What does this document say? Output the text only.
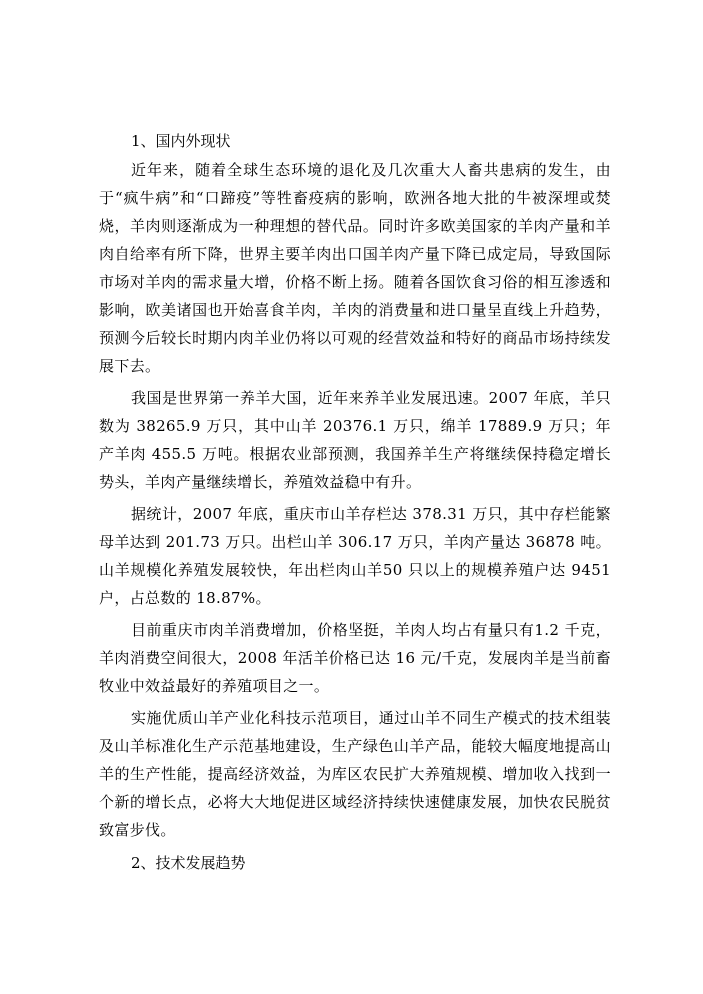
1、国内外现状

近年来，随着全球生态环境的退化及几次重大人畜共患病的发生，由于“疯牛病”和“口蹄疫”等牲畜疫病的影响，欧洲各地大批的牛被深埋或焚烧，羊肉则逐渐成为一种理想的替代品。同时许多欧美国家的羊肉产量和羊肉自给率有所下降，世界主要羊肉出口国羊肉产量下降已成定局，导致国际市场对羊肉的需求量大增，价格不断上扬。随着各国饮食习俗的相互渗透和影响，欧美诸国也开始喜食羊肉，羊肉的消费量和进口量呈直线上升趋势，预测今后较长时期内肉羊业仍将以可观的经营效益和特好的商品市场持续发展下去。

我国是世界第一养羊大国，近年来养羊业发展迅速。2007 年底，羊只数为 38265.9 万只，其中山羊 20376.1 万只，绵羊 17889.9 万只；年产羊肉 455.5 万吨。根据农业部预测，我国养羊生产将继续保持稳定增长势头，羊肉产量继续增长，养殖效益稳中有升。

据统计，2007 年底，重庆市山羊存栏达 378.31 万只，其中存栏能繁母羊达到 201.73 万只。出栏山羊 306.17 万只，羊肉产量达 36878 吨。山羊规模化养殖发展较快，年出栏肉山羊50 只以上的规模养殖户达 9451户，占总数的 18.87%。

目前重庆市肉羊消费增加，价格坚挺，羊肉人均占有量只有1.2 千克，羊肉消费空间很大，2008 年活羊价格已达 16 元/千克，发展肉羊是当前畜牧业中效益最好的养殖项目之一。

实施优质山羊产业化科技示范项目，通过山羊不同生产模式的技术组装及山羊标准化生产示范基地建设，生产绿色山羊产品，能较大幅度地提高山羊的生产性能，提高经济效益，为库区农民扩大养殖规模、增加收入找到一个新的增长点，必将大大地促进区域经济持续快速健康发展，加快农民脱贫致富步伐。

2、技术发展趋势
